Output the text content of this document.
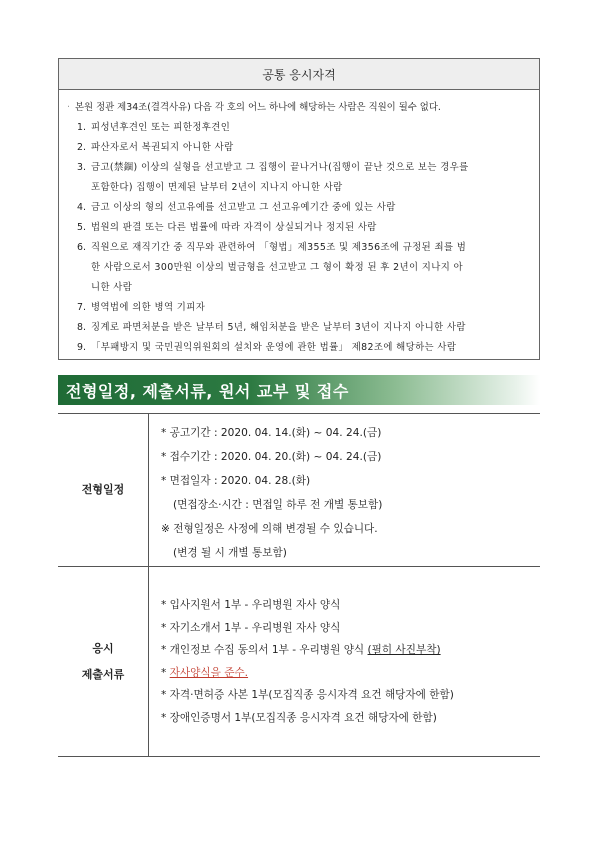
공통 응시자격
· 본원 정관 제34조(결격사유) 다음 각 호의 어느 하나에 해당하는 사람은 직원이 될수 없다.
1. 피성년후견인 또는 피한정후견인
2. 파산자로서 복권되지 아니한 사람
3. 금고(禁錮) 이상의 실형을 선고받고 그 집행이 끝나거나(집행이 끝난 것으로 보는 경우를
포함한다) 집행이 면제된 날부터 2년이 지나지 아니한 사람
4. 금고 이상의 형의 선고유예를 선고받고 그 선고유예기간 중에 있는 사람
5. 법원의 판결 또는 다른 법률에 따라 자격이 상실되거나 정지된 사람
6. 직원으로 재직기간 중 직무와 관련하여 「형법」제355조 및 제356조에 규정된 죄를 범
한 사람으로서 300만원 이상의 벌금형을 선고받고 그 형이 확정 된 후 2년이 지나지 아
니한 사람
7. 병역법에 의한 병역 기피자
8. 징계로 파면처분을 받은 날부터 5년, 해임처분을 받은 날부터 3년이 지나지 아니한 사람
9. 「부패방지 및 국민권익위원회의 설치와 운영에 관한 법률」 제82조에 해당하는 사람
전형일정, 제출서류, 원서 교부 및 접수
전형일정
* 공고기간 : 2020. 04. 14.(화) ~ 04. 24.(금)
* 접수기간 : 2020. 04. 20.(화) ~ 04. 24.(금)
* 면접일자 : 2020. 04. 28.(화)
(면접장소·시간 : 면접일 하루 전 개별 통보함)
※ 전형일정은 사정에 의해 변경될 수 있습니다.
(변경 될 시 개별 통보함)
응시
제출서류
* 입사지원서 1부 - 우리병원 자사 양식
* 자기소개서 1부 - 우리병원 자사 양식
* 개인정보 수집 동의서 1부 - 우리병원 양식 (필히 사진부착)
* 자사양식을 준수.
* 자격·면허증 사본 1부(모집직종 응시자격 요건 해당자에 한함)
* 장애인증명서 1부(모집직종 응시자격 요건 해당자에 한함)
